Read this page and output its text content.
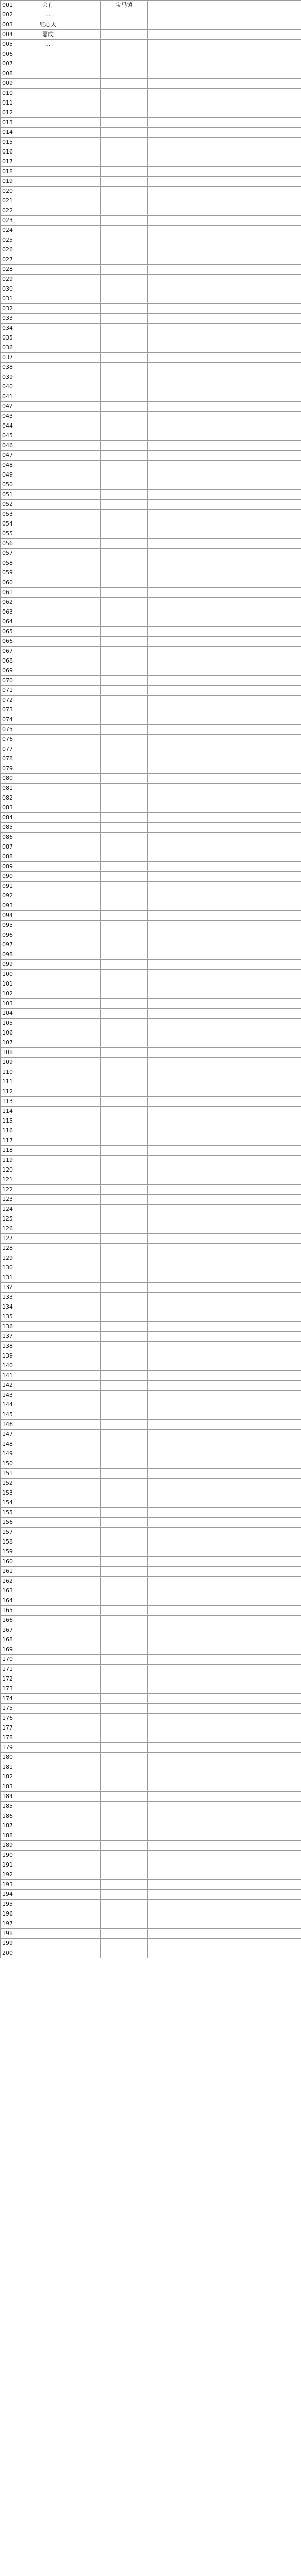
001	会有		宝马镇		
002	…				
003	红心天				
004	嘉成				
005	…				
006					
007					
008					
009					
010					
011					
012					
013					
014					
015					
016					
017					
018					
019					
020					
021					
022					
023					
024					
025					
026					
027					
028					
029					
030					
031					
032					
033					
034					
035					
036					
037					
038					
039					
040					
041					
042					
043					
044					
045					
046					
047					
048					
049					
050					
051					
052					
053					
054					
055					
056					
057					
058					
059					
060					
061					
062					
063					
064					
065					
066					
067					
068					
069					
070					
071					
072					
073					
074					
075					
076					
077					
078					
079					
080					
081					
082					
083					
084					
085					
086					
087					
088					
089					
090					
091					
092					
093					
094					
095					
096					
097					
098					
099					
100					
101					
102					
103					
104					
105					
106					
107					
108					
109					
110					
111					
112					
113					
114					
115					
116					
117					
118					
119					
120					
121					
122					
123					
124					
125					
126					
127					
128					
129					
130					
131					
132					
133					
134					
135					
136					
137					
138					
139					
140					
141					
142					
143					
144					
145					
146					
147					
148					
149					
150					
151					
152					
153					
154					
155					
156					
157					
158					
159					
160					
161					
162					
163					
164					
165					
166					
167					
168					
169					
170					
171					
172					
173					
174					
175					
176					
177					
178					
179					
180					
181					
182					
183					
184					
185					
186					
187					
188					
189					
190					
191					
192					
193					
194					
195					
196					
197					
198					
199					
200					
